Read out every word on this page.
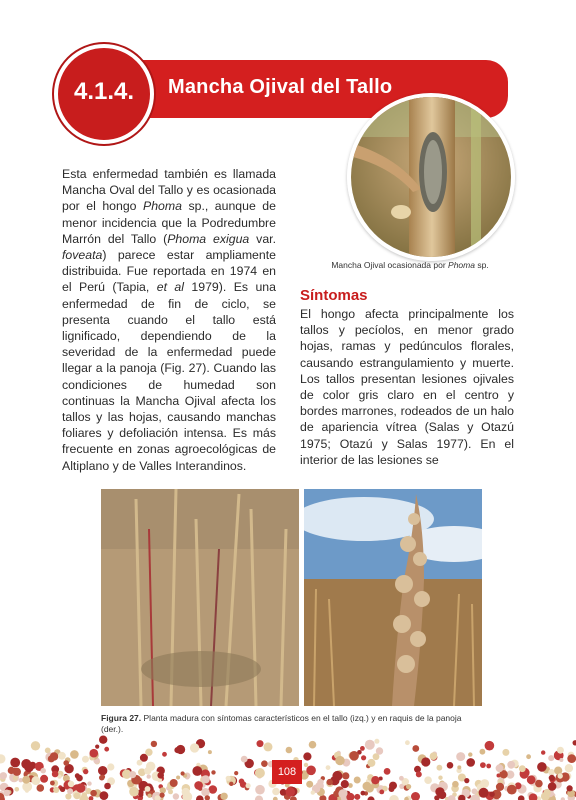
Mancha Ojival del Tallo
4.1.4.
Mancha Ojival ocasionada por Phoma sp.
Esta enfermedad también es llamada Mancha Oval del Tallo y es ocasionada por el hongo Phoma sp., aunque de menor incidencia que la Podredumbre Marrón del Tallo (Phoma exigua var. foveata) parece estar ampliamente distribuida. Fue reportada en 1974 en el Perú (Tapia, et al 1979). Es una enfermedad de fin de ciclo, se presenta cuando el tallo está lignificado, dependiendo de la severidad de la enfermedad puede llegar a la panoja (Fig. 27). Cuando las condiciones de humedad son continuas la Mancha Ojival afecta los tallos y las hojas, causando manchas foliares y defoliación intensa. Es más frecuente en zonas agroecológicas de Altiplano y de Valles Interandinos.
Síntomas
El hongo afecta principalmente los tallos y pecíolos, en menor grado hojas, ramas y pedúnculos florales, causando estrangulamiento y muerte. Los tallos presentan lesiones ojivales de color gris claro en el centro y bordes marrones, rodeados de un halo de apariencia vítrea (Salas y Otazú 1975; Otazú y Salas 1977). En el interior de las lesiones se
Figura 27. Planta madura con síntomas característicos en el tallo (izq.) y en raquis de la panoja (der.).
108
